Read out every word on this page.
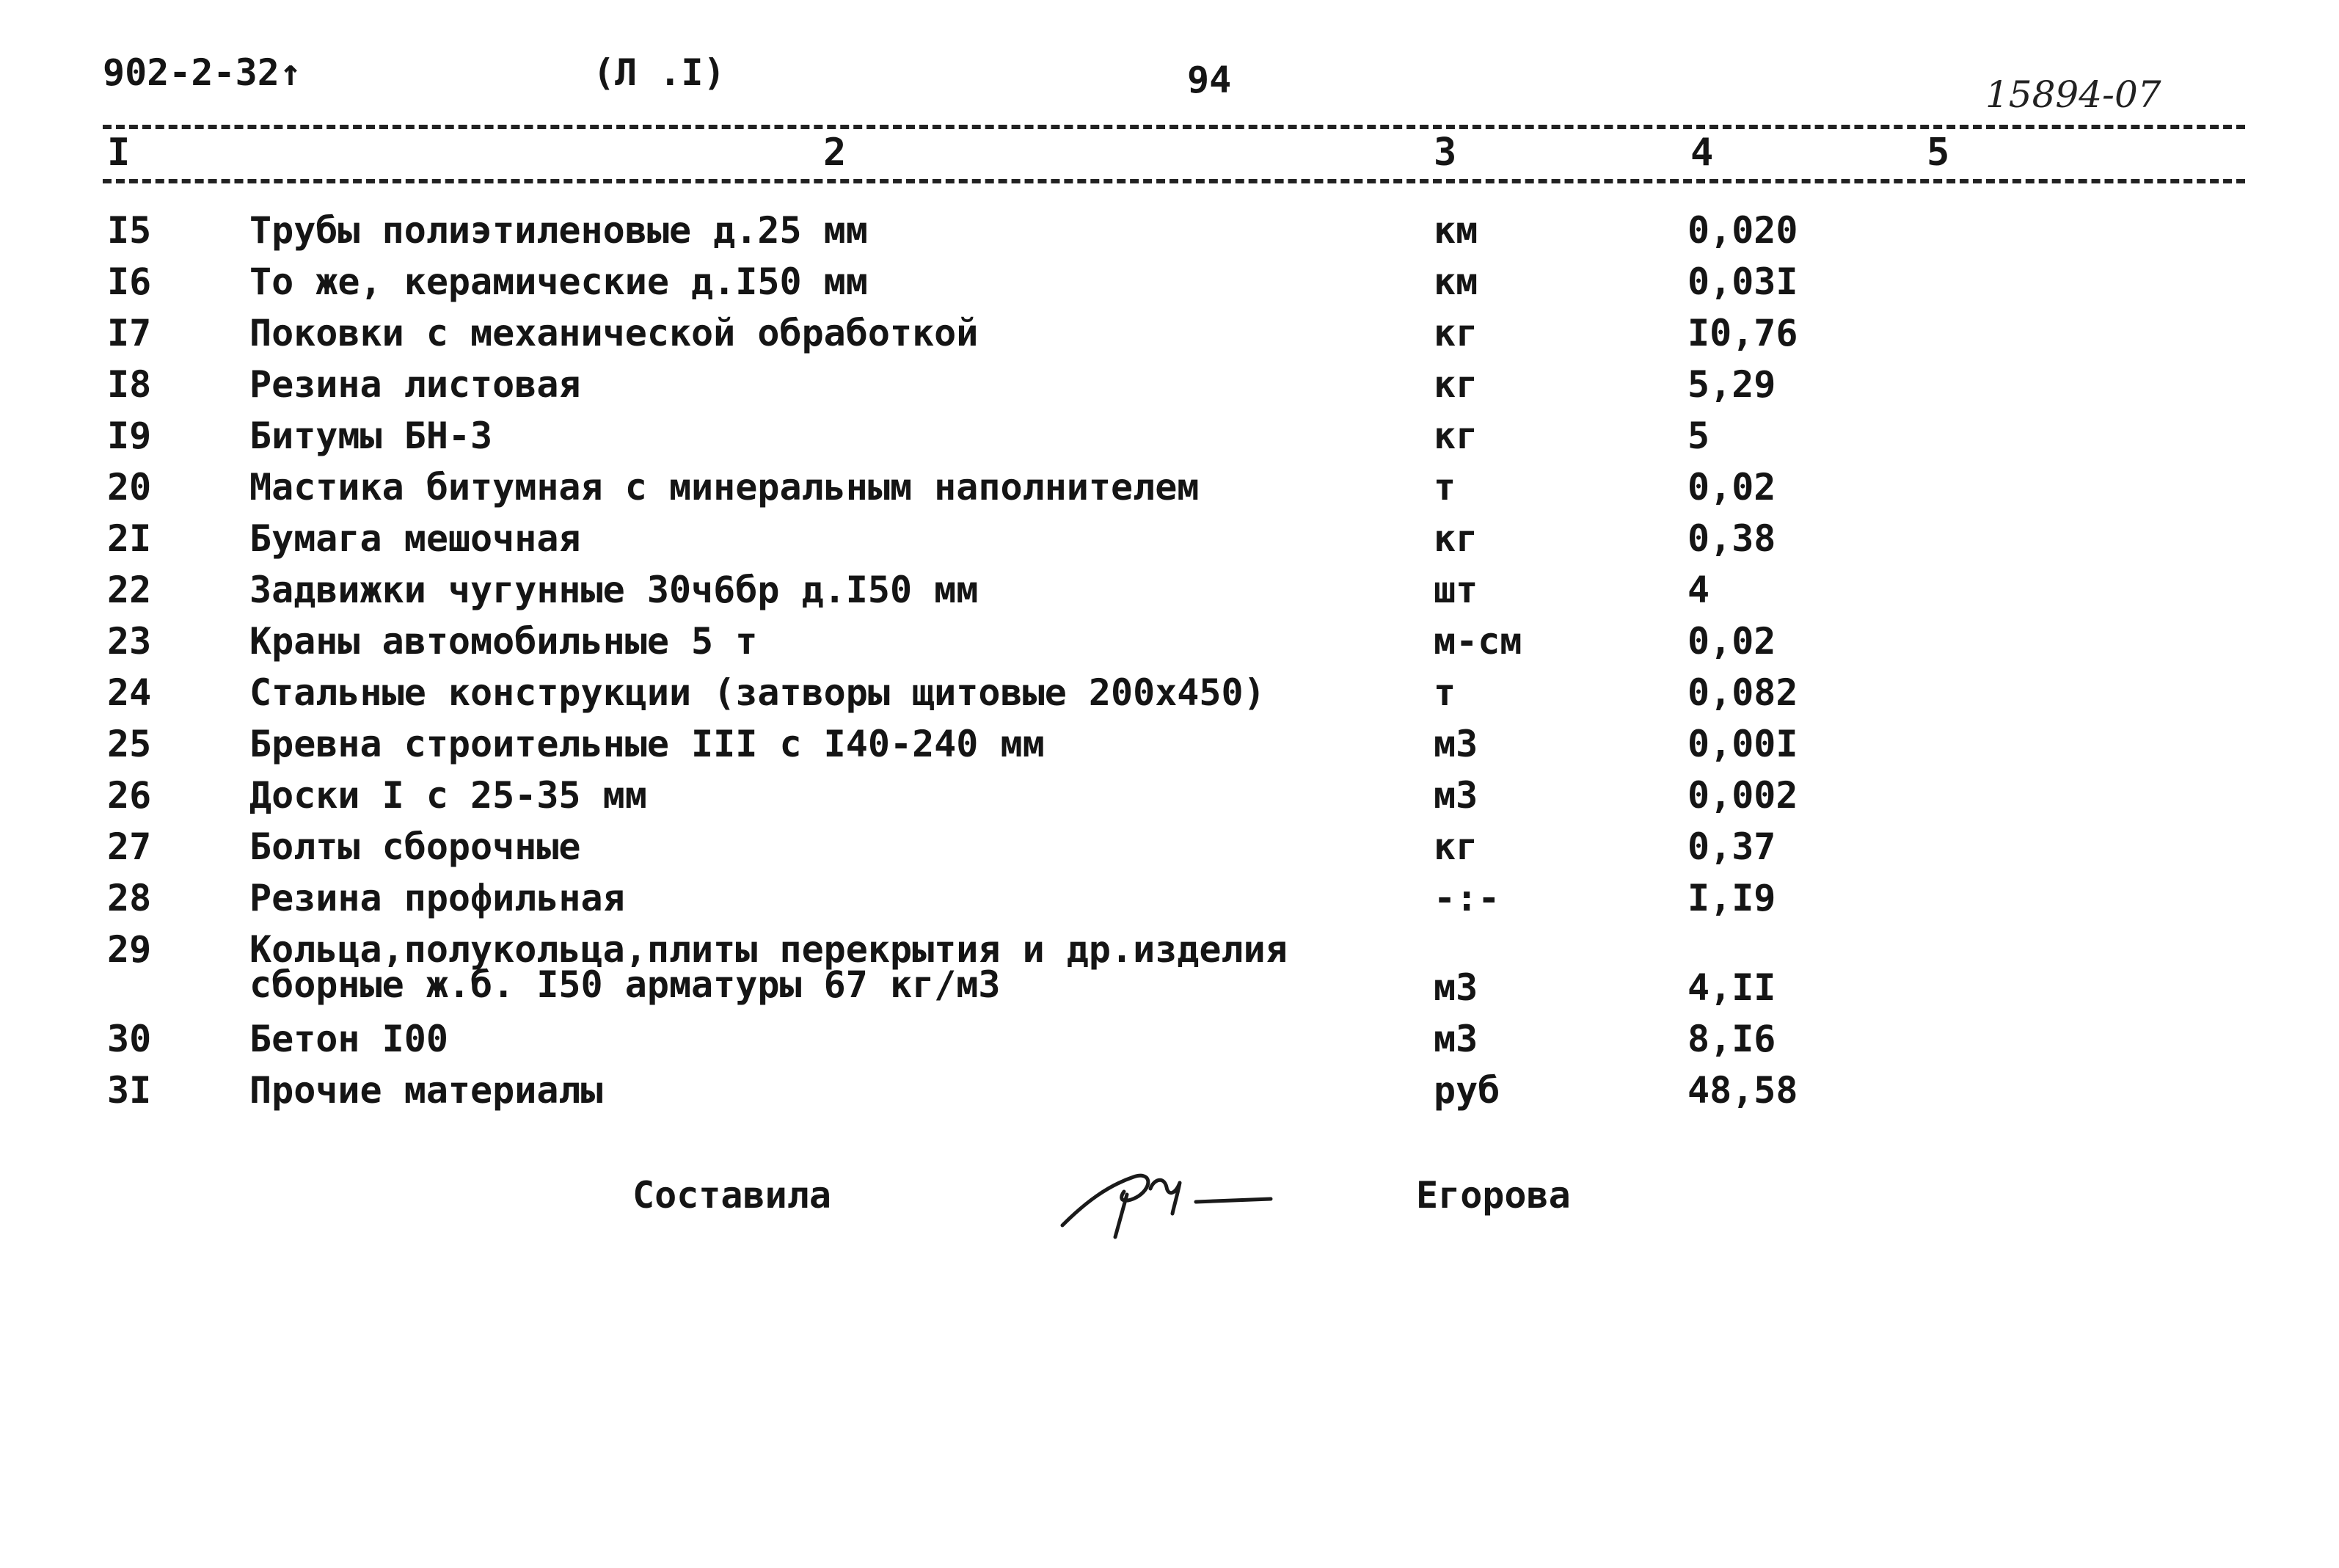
902-2-32↑	(Л .I)	94	15894-07
I	2	3	4	5
I5	Трубы полиэтиленовые д.25 мм	км	0,020
I6	То же, керамические д.I50 мм	км	0,03I
I7	Поковки с механической обработкой	кг	I0,76
I8	Резина листовая	кг	5,29
I9	Битумы БН-3	кг	5
20	Мастика битумная с минеральным наполнителем	т	0,02
2I	Бумага мешочная	кг	0,38
22	Задвижки чугунные 30ч6бр д.I50 мм	шт	4
23	Краны автомобильные 5 т	м-см	0,02
24	Стальные конструкции (затворы щитовые 200х450)	т	0,082
25	Бревна строительные III с I40-240 мм	м3	0,00I
26	Доски I с 25-35 мм	м3	0,002
27	Болты сборочные	кг	0,37
28	Резина профильная	-:-	I,I9
29	Кольца,полукольца,плиты перекрытия и др.изделия
сборные ж.б. I50 арматуры 67 кг/м3	м3	4,II
30	Бетон I00	м3	8,I6
3I	Прочие материалы	руб	48,58
Составила	Егорова
